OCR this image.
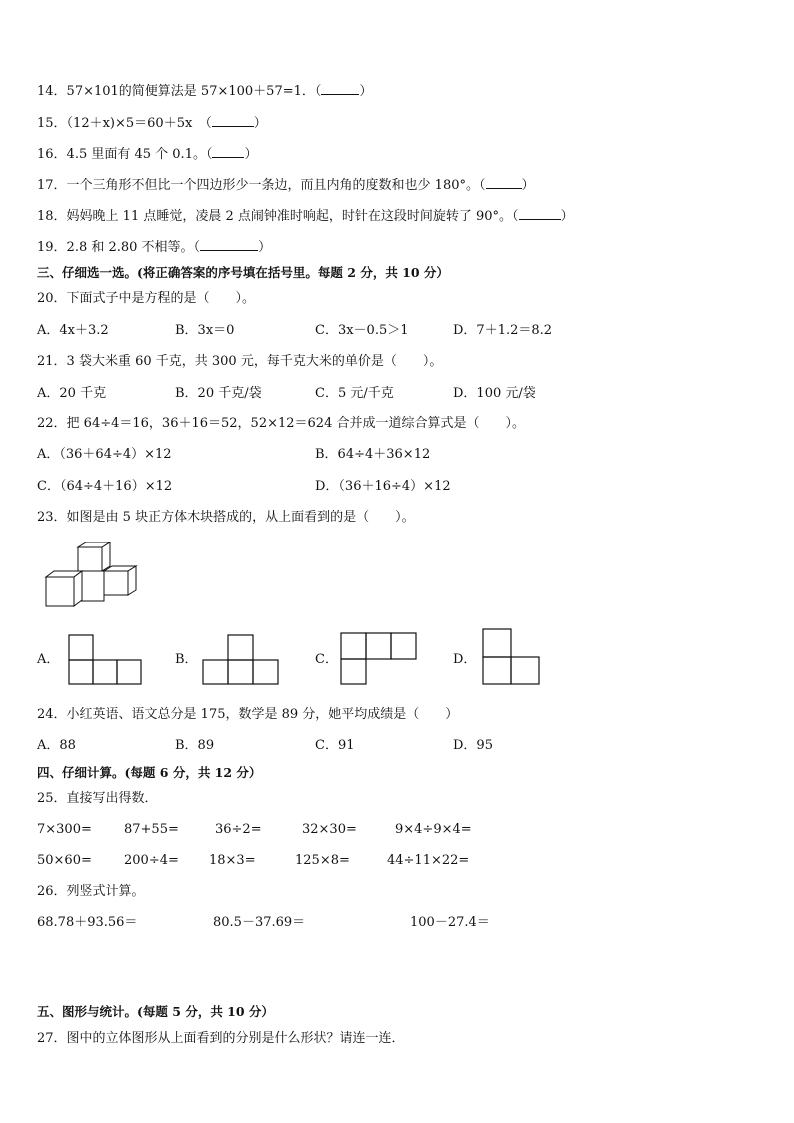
14．57×101的简便算法是 57×100＋57=1．（	）
15．（12＋x)×5＝60＋5x　（	）
16．4.5 里面有 45 个 0.1。（ ）
17．一个三角形不但比一个四边形少一条边，而且内角的度数和也少 180°。（	）
18．妈妈晚上 11 点睡觉，凌晨 2 点闹钟准时响起，时针在这段时间旋转了 90°。（	）
19．2.8 和 2.80 不相等。（	）
三、仔细选一选。(将正确答案的序号填在括号里。每题 2 分，共 10 分）
20．下面式子中是方程的是（　　）。
A．4x＋3.2	B．3x＝0	C．3x－0.5＞1	D．7＋1.2＝8.2
21．3 袋大米重 60 千克，共 300 元，每千克大米的单价是（　　）。
A．20 千克	B．20 千克/袋	C．5 元/千克	D．100 元/袋
22．把 64÷4＝16，36＋16＝52，52×12＝624 合并成一道综合算式是（　　）。
A．（36＋64÷4）×12	B．64÷4＋36×12
C．（64÷4＋16）×12	D．（36＋16÷4）×12
23．如图是由 5 块正方体木块搭成的，从上面看到的是（　　）。
A．	B．	C．	D．
24．小红英语、语文总分是 175，数学是 89 分，她平均成绩是（　　）
A．88	B．89	C．91	D．95
四、仔细计算。(每题 6 分，共 12 分）
25．直接写出得数．
7×300= 87+55=	36÷2=	32×30=	9×4÷9×4=
50×60= 200÷4= 18×3=	125×8=	44÷11×22=
26．列竖式计算。
68.78＋93.56＝	80.5－37.69＝	100－27.4＝
五、图形与统计。(每题 5 分，共 10 分）
27．图中的立体图形从上面看到的分别是什么形状？请连一连．
